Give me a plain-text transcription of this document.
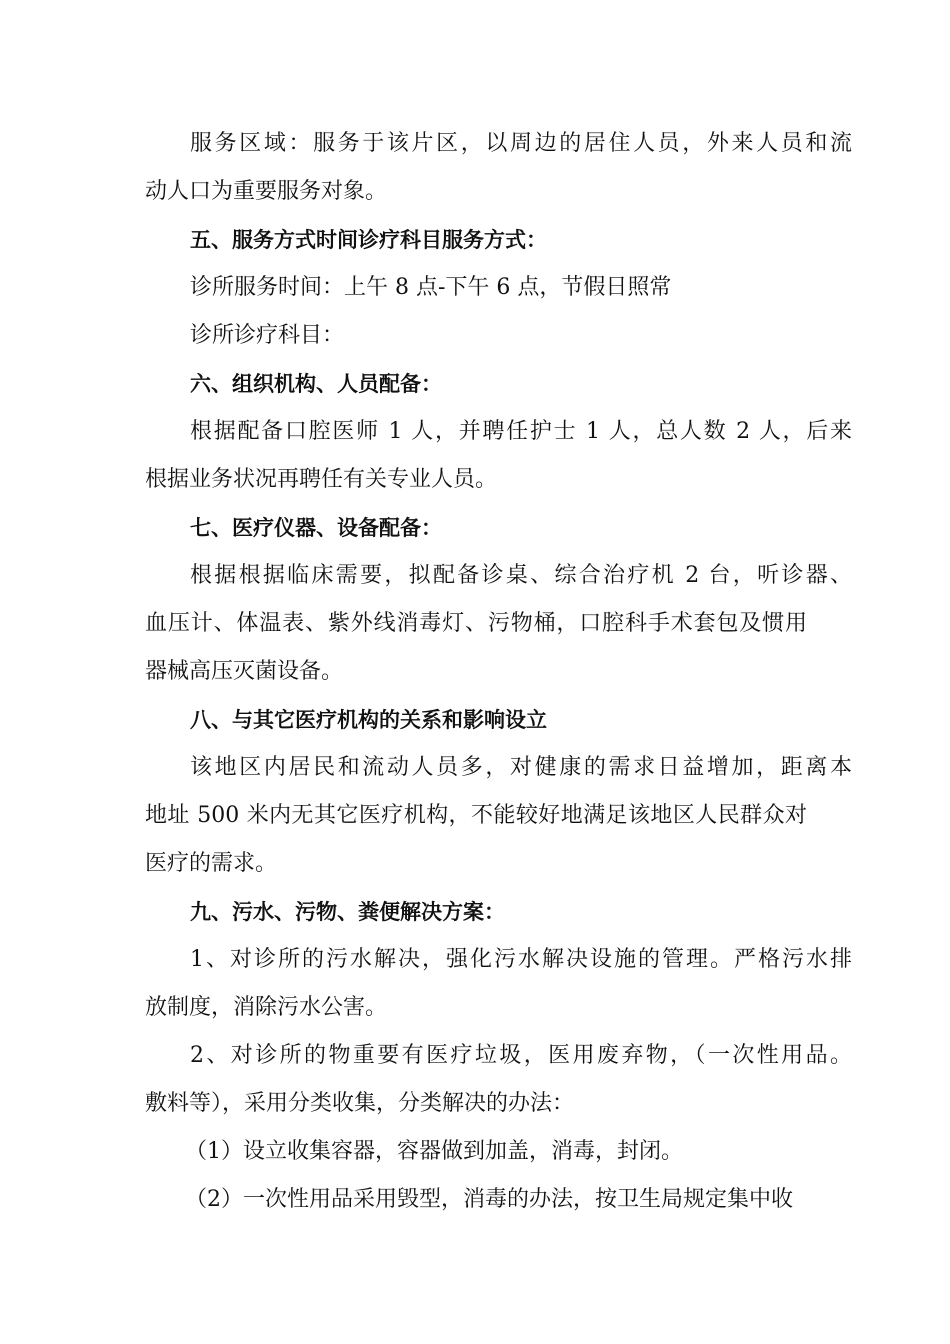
服务区域：服务于该片区，以周边的居住人员，外来人员和流
动人口为重要服务对象。
五、服务方式时间诊疗科目服务方式：
诊所服务时间：上午 8 点-下午 6 点，节假日照常
诊所诊疗科目：
六、组织机构、人员配备：
根据配备口腔医师 1 人，并聘任护士 1 人，总人数 2 人，后来
根据业务状况再聘任有关专业人员。
七、医疗仪器、设备配备：
根据根据临床需要，拟配备诊桌、综合治疗机 2 台，听诊器、
血压计、体温表、紫外线消毒灯、污物桶，口腔科手术套包及惯用
器械高压灭菌设备。
八、与其它医疗机构的关系和影响设立
该地区内居民和流动人员多，对健康的需求日益增加，距离本
地址 500 米内无其它医疗机构，不能较好地满足该地区人民群众对
医疗的需求。
九、污水、污物、粪便解决方案：
1、对诊所的污水解决，强化污水解决设施的管理。严格污水排
放制度，消除污水公害。
2、对诊所的物重要有医疗垃圾，医用废弃物，（一次性用品。
敷料等），采用分类收集，分类解决的办法：
（1）设立收集容器，容器做到加盖，消毒，封闭。
（2）一次性用品采用毁型，消毒的办法，按卫生局规定集中收
